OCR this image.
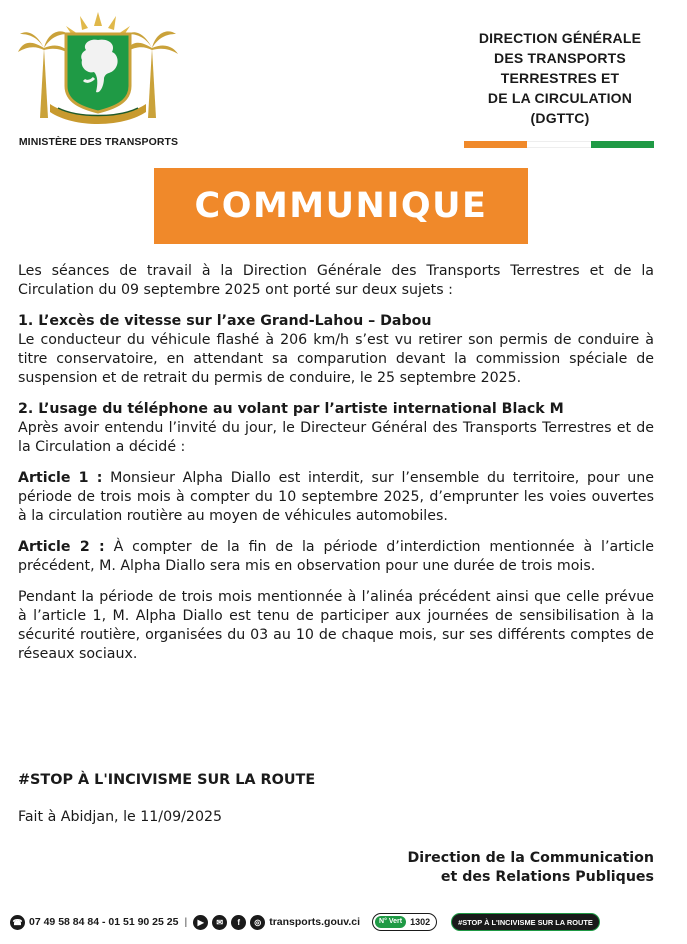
MINISTÈRE DES TRANSPORTS
DIRECTION GÉNÉRALE
DES TRANSPORTS
TERRESTRES ET
DE LA CIRCULATION
(DGTTC)
COMMUNIQUE

Les séances de travail à la Direction Générale des Transports Terrestres et de la Circulation du 09 septembre 2025 ont porté sur deux sujets :

1. L’excès de vitesse sur l’axe Grand-Lahou – Dabou

Le conducteur du véhicule flashé à 206 km/h s’est vu retirer son permis de conduire à titre conservatoire, en attendant sa comparution devant la commission spéciale de suspension et de retrait du permis de conduire, le 25 septembre 2025.

2. L’usage du téléphone au volant par l’artiste international Black M

Après avoir entendu l’invité du jour, le Directeur Général des Transports Terrestres et de la Circulation a décidé :

Article 1 : Monsieur Alpha Diallo est interdit, sur l’ensemble du territoire, pour une période de trois mois à compter du 10 septembre 2025, d’emprunter les voies ouvertes à la circulation routière au moyen de véhicules automobiles.

Article 2 : À compter de la fin de la période d’interdiction mentionnée à l’article précédent, M. Alpha Diallo sera mis en observation pour une durée de trois mois.

Pendant la période de trois mois mentionnée à l’alinéa précédent ainsi que celle prévue à l’article 1, M. Alpha Diallo est tenu de participer aux journées de sensibilisation à la sécurité routière, organisées du 03 au 10 de chaque mois, sur ses différents comptes de réseaux sociaux.

#STOP À L'INCIVISME SUR LA ROUTE
Fait à Abidjan, le 11/09/2025
Direction de la Communication
et des Relations Publiques
☎ 07 49 58 84 84 - 01 51 90 25 25 |	▶	✉	f	◎ transports.gouv.ci	N° Vert 1302	#STOP À L'INCIVISME SUR LA ROUTE
